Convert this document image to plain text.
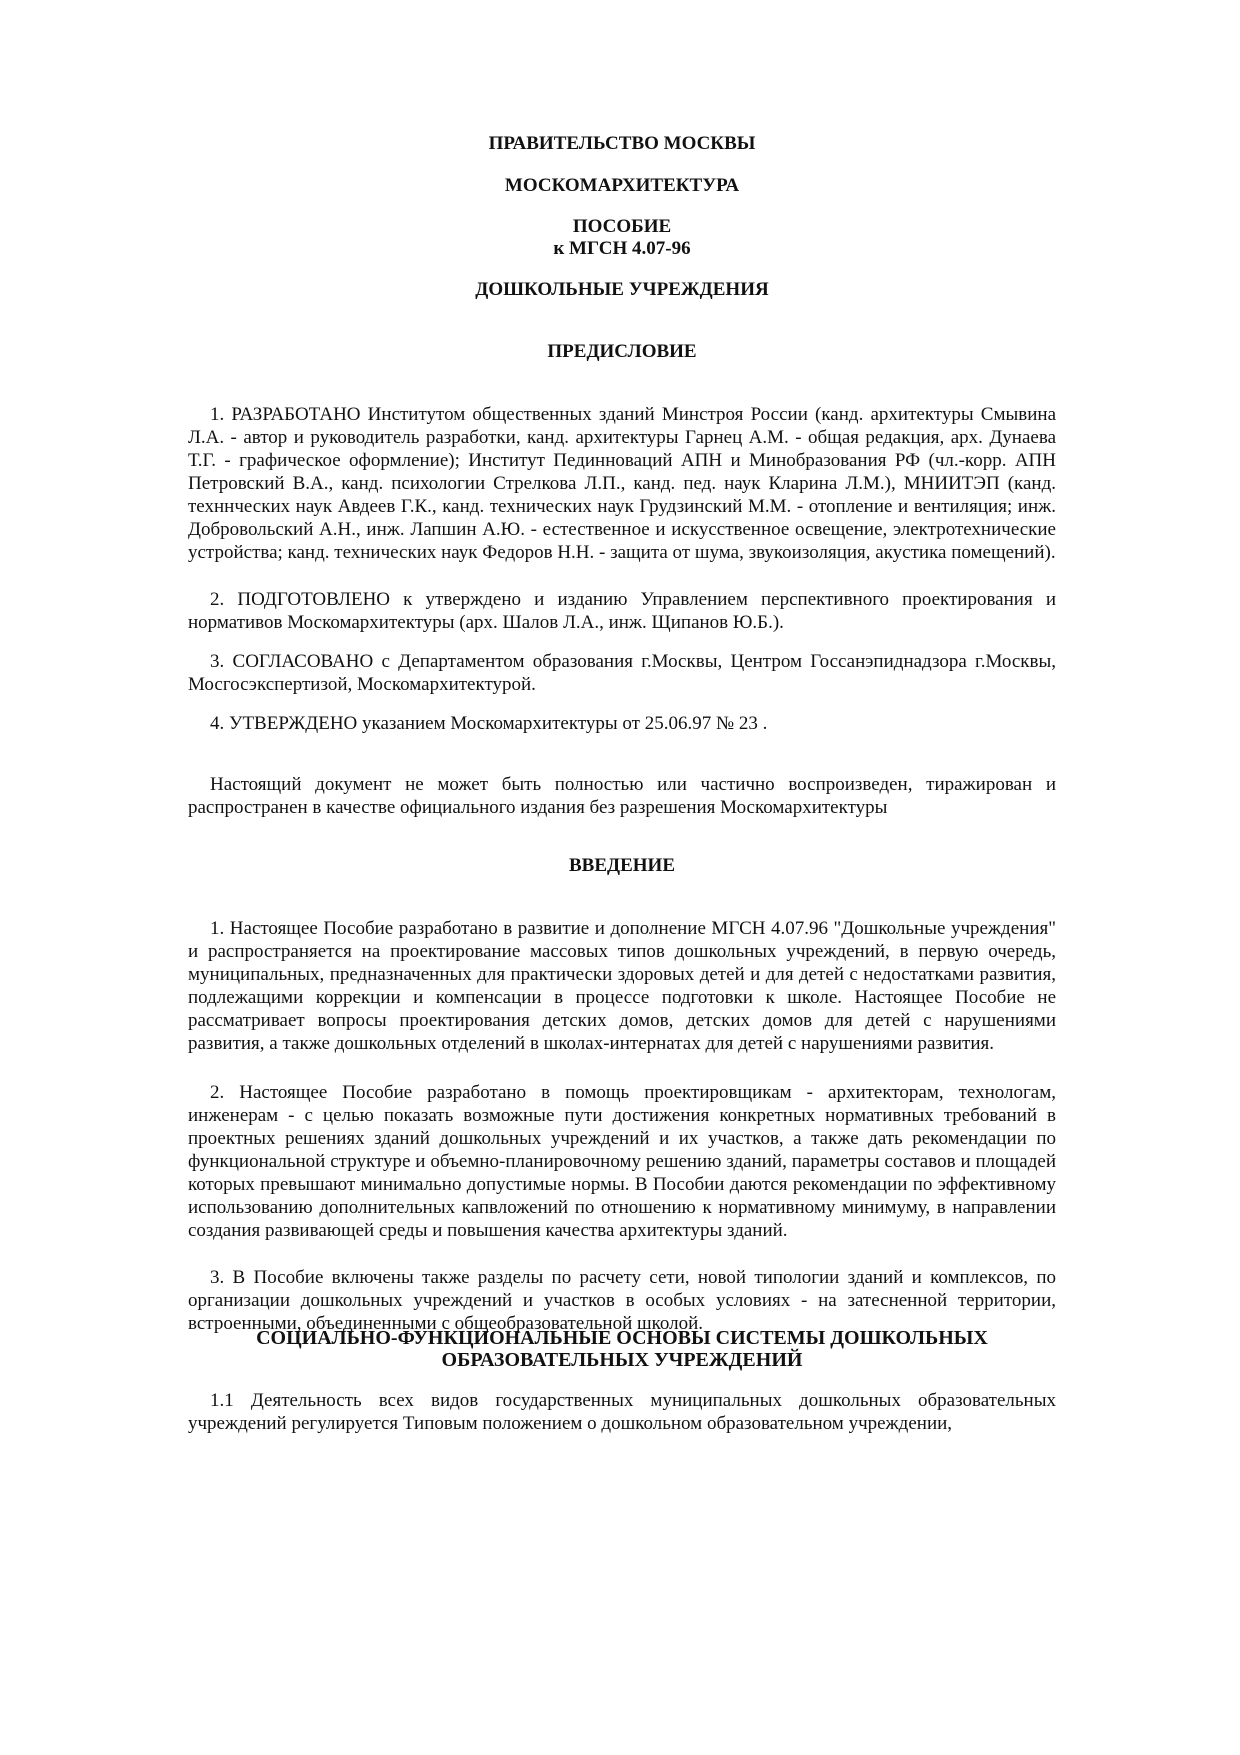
ПРАВИТЕЛЬСТВО МОСКВЫ

МОСКОМАРХИТЕКТУРА

ПОСОБИЕ

к МГСН 4.07-96

ДОШКОЛЬНЫЕ УЧРЕЖДЕНИЯ

ПРЕДИСЛОВИЕ

1. РАЗРАБОТАНО Институтом общественных зданий Минстроя России (канд. архитектуры Смывина Л.А. - автор и руководитель разработки, канд. архитектуры Гарнец А.М. - общая редакция, арх. Дунаева Т.Г. - графическое оформление); Институт Пединноваций АПН и Минобразования РФ (чл.-корр. АПН Петровский В.А., канд. психологии Стрелкова Л.П., канд. пед. наук Кларина Л.М.), МНИИТЭП (канд. техннческих наук Авдеев Г.К., канд. технических наук Грудзинский М.М. - отопление и вентиляция; инж. Добровольский А.Н., инж. Лапшин А.Ю. - естественное и искусственное освещение, электротехнические устройства; канд. технических наук Федоров Н.Н. - защита от шума, звукоизоляция, акустика помещений).

2. ПОДГОТОВЛЕНО к утверждено и изданию Управлением перспективного проектирования и нормативов Москомархитектуры (арх. Шалов Л.А., инж. Щипанов Ю.Б.).

3. СОГЛАСОВАНО с Департаментом образования г.Москвы, Центром Госсанэпиднадзора г.Москвы, Мосгосэкспертизой, Москомархитектурой.

4. УТВЕРЖДЕНО указанием Москомархитектуры от 25.06.97 № 23 .

Настоящий документ не может быть полностью или частично воспроизведен, тиражирован и распространен в качестве официального издания без разрешения Москомархитектуры

ВВЕДЕНИЕ

1. Настоящее Пособие разработано в развитие и дополнение МГСН 4.07.96 "Дошкольные учреждения" и распространяется на проектирование массовых типов дошкольных учреждений, в первую очередь, муниципальных, предназначенных для практически здоровых детей и для детей с недостатками развития, подлежащими коррекции и компенсации в процессе подготовки к школе. Настоящее Пособие не рассматривает вопросы проектирования детских домов, детских домов для детей с нарушениями развития, а также дошкольных отделений в школах-интернатах для детей с нарушениями развития.

2. Настоящее Пособие разработано в помощь проектировщикам - архитекторам, технологам, инженерам - с целью показать возможные пути достижения конкретных нормативных требований в проектных решениях зданий дошкольных учреждений и их участков, а также дать рекомендации по функциональной структуре и объемно-планировочному решению зданий, параметры составов и площадей которых превышают минимально допустимые нормы. В Пособии даются рекомендации по эффективному использованию дополнительных капвложений по отношению к нормативному минимуму, в направлении создания развивающей среды и повышения качества архитектуры зданий.

3. В Пособие включены также разделы по расчету сети, новой типологии зданий и комплексов, по организации дошкольных учреждений и участков в особых условиях - на затесненной территории, встроенными, объединенными с общеобразовательной школой.

СОЦИАЛЬНО-ФУНКЦИОНАЛЬНЫЕ ОСНОВЫ СИСТЕМЫ ДОШКОЛЬНЫХ

ОБРАЗОВАТЕЛЬНЫХ УЧРЕЖДЕНИЙ

1.1 Деятельность всех видов государственных муниципальных дошкольных образовательных учреждений регулируется Типовым положением о дошкольном образовательном учреждении,
